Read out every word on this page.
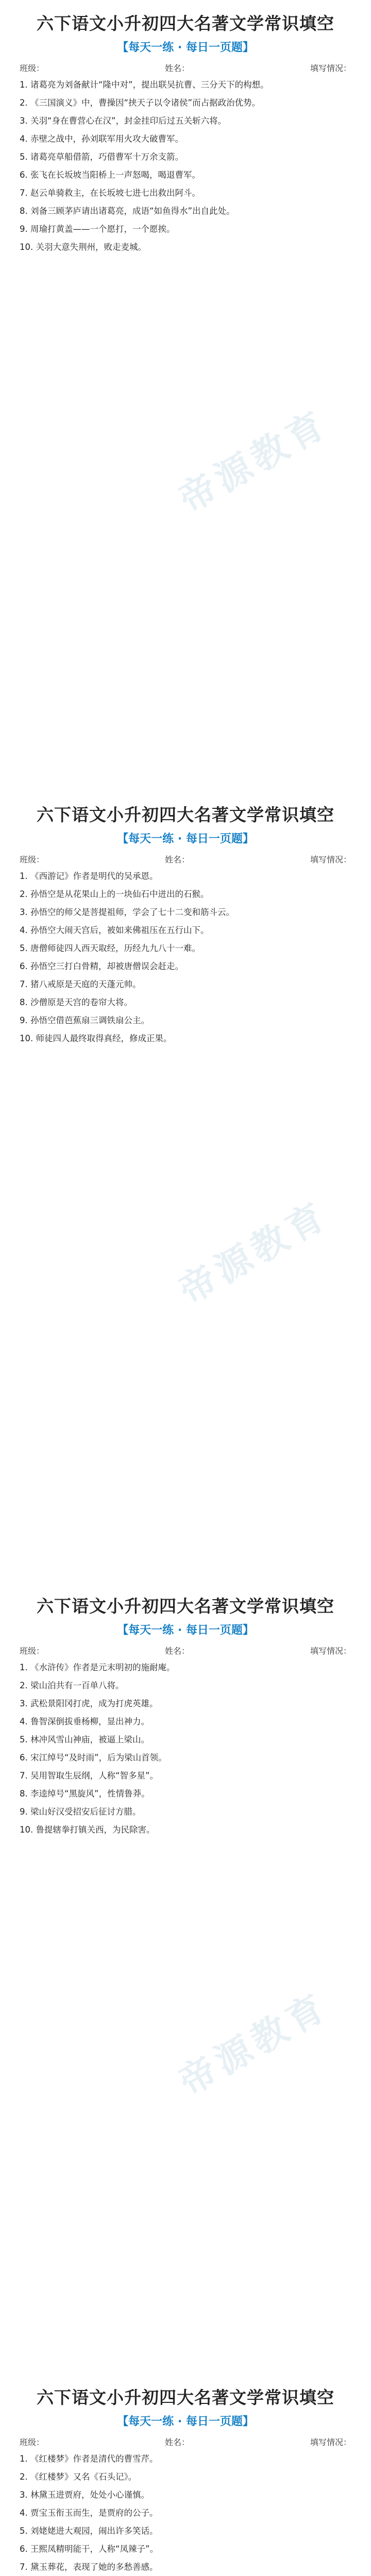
六下语文小升初四大名著文学常识填空
【每天一练 · 每日一页题】
班级：	姓名：	填写情况：
1. 诸葛亮为刘备献计“隆中对”，提出联吴抗曹、三分天下的构想。
2. 《三国演义》中，曹操因“挟天子以令诸侯”而占据政治优势。
3. 关羽“身在曹营心在汉”，封金挂印后过五关斩六将。
4. 赤壁之战中，孙刘联军用火攻大破曹军。
5. 诸葛亮草船借箭，巧借曹军十万余支箭。
6. 张飞在长坂坡当阳桥上一声怒喝，喝退曹军。
7. 赵云单骑救主，在长坂坡七进七出救出阿斗。
8. 刘备三顾茅庐请出诸葛亮，成语“如鱼得水”出自此处。
9. 周瑜打黄盖——一个愿打，一个愿挨。
10. 关羽大意失荆州，败走麦城。
帝源教育
六下语文小升初四大名著文学常识填空
【每天一练 · 每日一页题】
班级：	姓名：	填写情况：
1. 《西游记》作者是明代的吴承恩。
2. 孙悟空是从花果山上的一块仙石中迸出的石猴。
3. 孙悟空的师父是菩提祖师，学会了七十二变和筋斗云。
4. 孙悟空大闹天宫后，被如来佛祖压在五行山下。
5. 唐僧师徒四人西天取经，历经九九八十一难。
6. 孙悟空三打白骨精，却被唐僧误会赶走。
7. 猪八戒原是天庭的天蓬元帅。
8. 沙僧原是天宫的卷帘大将。
9. 孙悟空借芭蕉扇三调铁扇公主。
10. 师徒四人最终取得真经，修成正果。
帝源教育
六下语文小升初四大名著文学常识填空
【每天一练 · 每日一页题】
班级：	姓名：	填写情况：
1. 《水浒传》作者是元末明初的施耐庵。
2. 梁山泊共有一百单八将。
3. 武松景阳冈打虎，成为打虎英雄。
4. 鲁智深倒拔垂杨柳，显出神力。
5. 林冲风雪山神庙，被逼上梁山。
6. 宋江绰号“及时雨”，后为梁山首领。
7. 吴用智取生辰纲，人称“智多星”。
8. 李逵绰号“黑旋风”，性情鲁莽。
9. 梁山好汉受招安后征讨方腊。
10. 鲁提辖拳打镇关西，为民除害。
帝源教育
六下语文小升初四大名著文学常识填空
【每天一练 · 每日一页题】
班级：	姓名：	填写情况：
1. 《红楼梦》作者是清代的曹雪芹。
2. 《红楼梦》又名《石头记》。
3. 林黛玉进贾府，处处小心谨慎。
4. 贾宝玉衔玉而生，是贾府的公子。
5. 刘姥姥进大观园，闹出许多笑话。
6. 王熙凤精明能干，人称“凤辣子”。
7. 黛玉葬花，表现了她的多愁善感。
